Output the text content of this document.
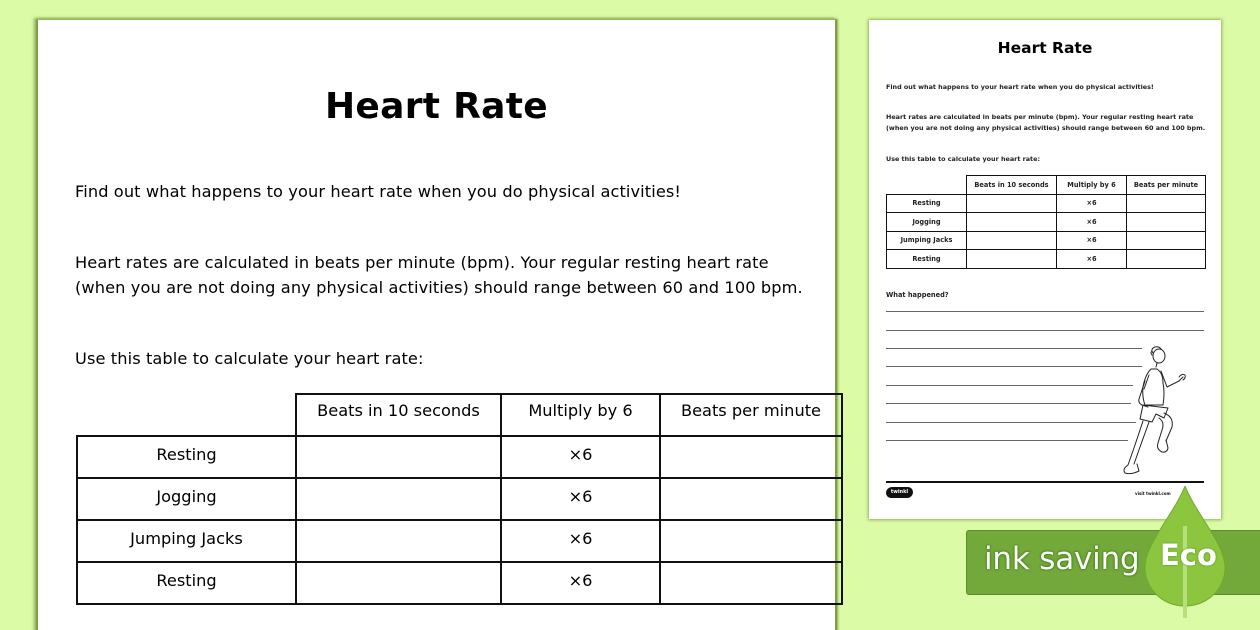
Heart Rate
Find out what happens to your heart rate when you do physical activities!
Heart rates are calculated in beats per minute (bpm). Your regular resting heart rate (when you are not doing any physical activities) should range between 60 and 100 bpm.
Use this table to calculate your heart rate:
	Beats in 10 seconds	Multiply by 6	Beats per minute
Resting		×6	
Jogging		×6	
Jumping Jacks		×6	
Resting		×6	
Heart Rate
Find out what happens to your heart rate when you do physical activities!
Heart rates are calculated in beats per minute (bpm). Your regular resting heart rate (when you are not doing any physical activities) should range between 60 and 100 bpm.
Use this table to calculate your heart rate:
	Beats in 10 seconds	Multiply by 6	Beats per minute
Resting		×6	
Jogging		×6	
Jumping Jacks		×6	
Resting		×6	
What happened?
twinkl	visit twinkl.com
ink saving Eco
